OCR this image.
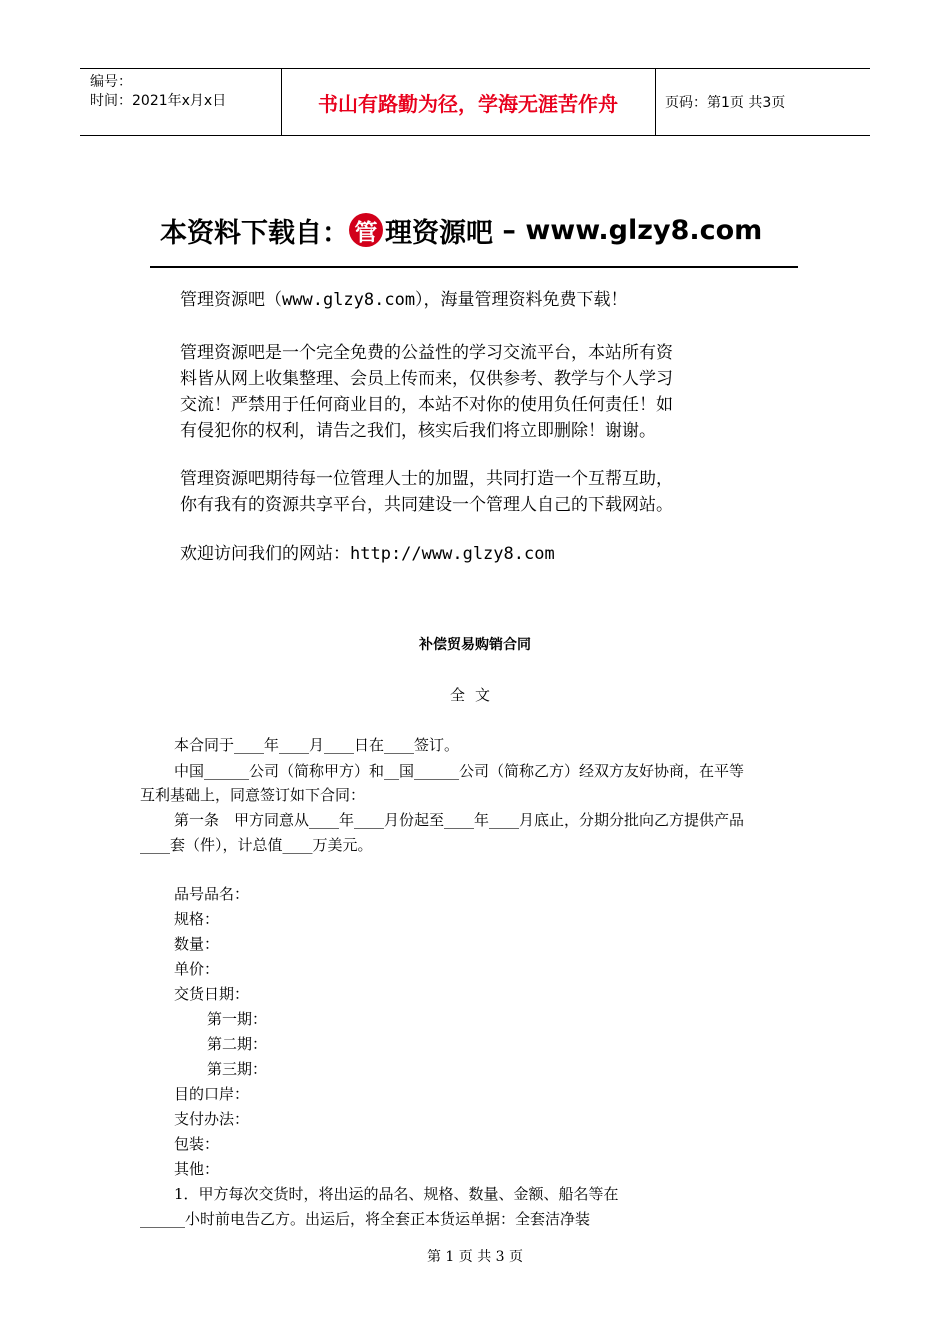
编号：
时间：2021年x月x日	书山有路勤为径，学海无涯苦作舟	页码：第1页 共3页
本资料下载自： 管 理资源吧 – www.glzy8.com
管理资源吧（www.glzy8.com），海量管理资料免费下载！
管理资源吧是一个完全免费的公益性的学习交流平台，本站所有资
料皆从网上收集整理、会员上传而来，仅供参考、教学与个人学习
交流！严禁用于任何商业目的，本站不对你的使用负任何责任！如
有侵犯你的权利，请告之我们，核实后我们将立即删除！谢谢。
管理资源吧期待每一位管理人士的加盟，共同打造一个互帮互助，
你有我有的资源共享平台，共同建设一个管理人自己的下载网站。
欢迎访问我们的网站：http://www.glzy8.com
补偿贸易购销合同
全文
本合同于____年____月____日在____签订。
中国______公司（简称甲方）和__国______公司（简称乙方）经双方友好协商，在平等
互利基础上，同意签订如下合同：
第一条　甲方同意从____年____月份起至____年____月底止，分期分批向乙方提供产品
____套（件），计总值____万美元。
品号品名：
规格：
数量：
单价：
交货日期：
第一期：
第二期：
第三期：
目的口岸：
支付办法：
包装：
其他：
1．甲方每次交货时，将出运的品名、规格、数量、金额、船名等在
______小时前电告乙方。出运后，将全套正本货运单据：全套洁净装
第 1 页 共 3 页
